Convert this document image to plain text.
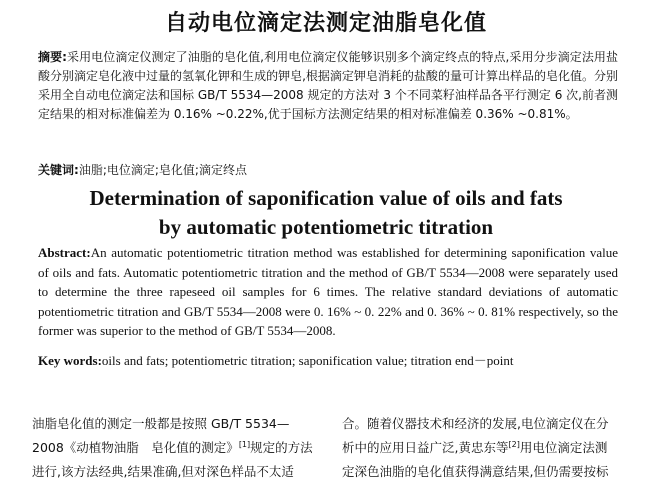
自动电位滴定法测定油脂皂化值
摘要:采用电位滴定仪测定了油脂的皂化值,利用电位滴定仪能够识别多个滴定终点的特点,采用分步滴定法用盐酸分别滴定皂化液中过量的氢氧化钾和生成的钾皂,根据滴定钾皂消耗的盐酸的量可计算出样品的皂化值。分别采用全自动电位滴定法和国标 GB/T 5534—2008 规定的方法对 3 个不同菜籽油样品各平行测定 6 次,前者测定结果的相对标准偏差为 0.16% ~0.22%,优于国标方法测定结果的相对标准偏差 0.36% ~0.81%。
关键词:油脂;电位滴定;皂化值;滴定终点
Determination of saponification value of oils and fats
by automatic potentiometric titration
Abstract:An automatic potentiometric titration method was established for determining saponification value of oils and fats. Automatic potentiometric titration and the method of GB/T 5534—2008 were separately used to determine the three rapeseed oil samples for 6 times. The relative standard deviations of automatic potentiometric titration and GB/T 5534—2008 were 0. 16% ~ 0. 22% and 0. 36% ~ 0. 81% respectively, so the former was superior to the method of GB/T 5534—2008.
Key words:oils and fats; potentiometric titration; saponification value; titration end－point
油脂皂化值的测定一般都是按照 GB/T 5534—
2008《动植物油脂　皂化值的测定》[1]规定的方法
进行,该方法经典,结果准确,但对深色样品不太适
合。随着仪器技术和经济的发展,电位滴定仪在分
析中的应用日益广泛,黄忠东等[2]用电位滴定法测
定深色油脂的皂化值获得满意结果,但仍需要按标
